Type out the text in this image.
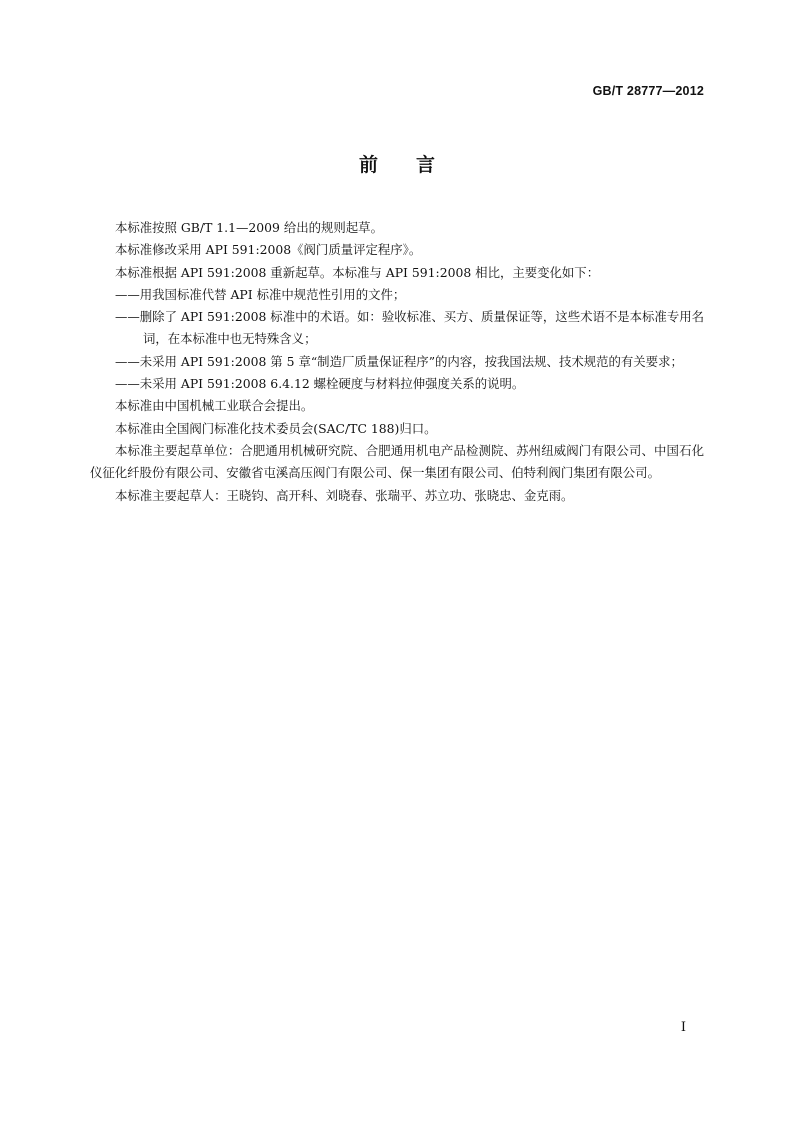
GB/T 28777—2012
前言

本标准按照 GB/T 1.1—2009 给出的规则起草。

本标准修改采用 API 591:2008《阀门质量评定程序》。

本标准根据 API 591:2008 重新起草。本标准与 API 591:2008 相比，主要变化如下：

——用我国标准代替 API 标准中规范性引用的文件；

——删除了 API 591:2008 标准中的术语。如：验收标准、买方、质量保证等，这些术语不是本标准专用名词，在本标准中也无特殊含义；

——未采用 API 591:2008 第 5 章“制造厂质量保证程序”的内容，按我国法规、技术规范的有关要求；

——未采用 API 591:2008 6.4.12 螺栓硬度与材料拉伸强度关系的说明。

本标准由中国机械工业联合会提出。

本标准由全国阀门标准化技术委员会(SAC/TC 188)归口。

本标准主要起草单位：合肥通用机械研究院、合肥通用机电产品检测院、苏州纽威阀门有限公司、中国石化仪征化纤股份有限公司、安徽省屯溪高压阀门有限公司、保一集团有限公司、伯特利阀门集团有限公司。

本标准主要起草人：王晓钧、高开科、刘晓春、张瑞平、苏立功、张晓忠、金克雨。

I
